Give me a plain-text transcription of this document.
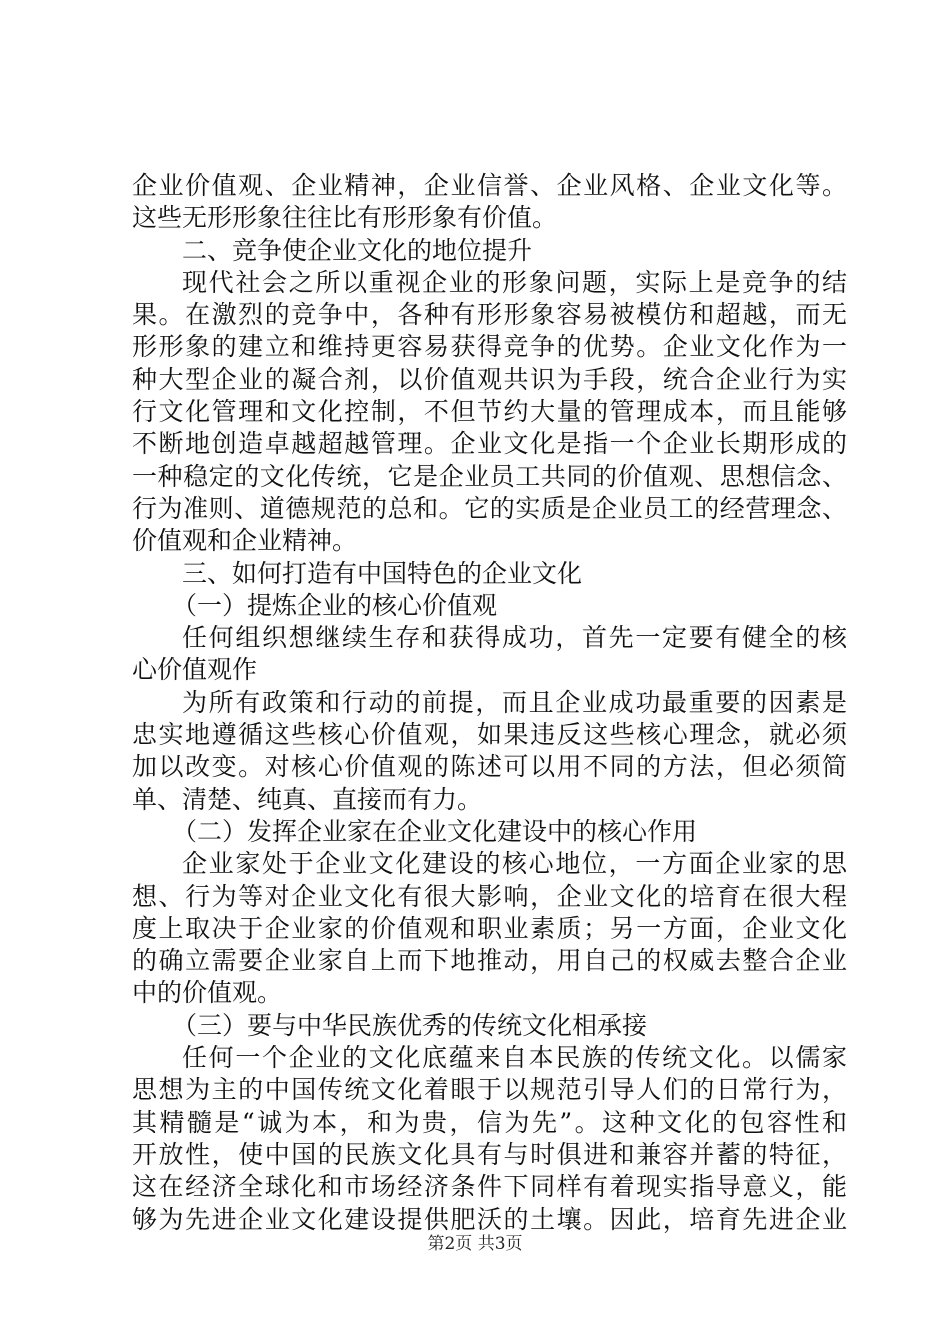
企业价值观、企业精神，企业信誉、企业风格、企业文化等。
这些无形形象往往比有形形象有价值。
二、竞争使企业文化的地位提升
现代社会之所以重视企业的形象问题，实际上是竞争的结
果。在激烈的竞争中，各种有形形象容易被模仿和超越，而无
形形象的建立和维持更容易获得竞争的优势。企业文化作为一
种大型企业的凝合剂，以价值观共识为手段，统合企业行为实
行文化管理和文化控制，不但节约大量的管理成本，而且能够
不断地创造卓越超越管理。企业文化是指一个企业长期形成的
一种稳定的文化传统，它是企业员工共同的价值观、思想信念、
行为准则、道德规范的总和。它的实质是企业员工的经营理念、
价值观和企业精神。
三、如何打造有中国特色的企业文化
（一）提炼企业的核心价值观
任何组织想继续生存和获得成功，首先一定要有健全的核
心价值观作
为所有政策和行动的前提，而且企业成功最重要的因素是
忠实地遵循这些核心价值观，如果违反这些核心理念，就必须
加以改变。对核心价值观的陈述可以用不同的方法，但必须简
单、清楚、纯真、直接而有力。
（二）发挥企业家在企业文化建设中的核心作用
企业家处于企业文化建设的核心地位，一方面企业家的思
想、行为等对企业文化有很大影响，企业文化的培育在很大程
度上取决于企业家的价值观和职业素质；另一方面，企业文化
的确立需要企业家自上而下地推动，用自己的权威去整合企业
中的价值观。
（三）要与中华民族优秀的传统文化相承接
任何一个企业的文化底蕴来自本民族的传统文化。以儒家
思想为主的中国传统文化着眼于以规范引导人们的日常行为，
其精髓是“诚为本，和为贵，信为先”。这种文化的包容性和
开放性，使中国的民族文化具有与时俱进和兼容并蓄的特征，
这在经济全球化和市场经济条件下同样有着现实指导意义，能
够为先进企业文化建设提供肥沃的土壤。因此，培育先进企业
第2页 共3页
